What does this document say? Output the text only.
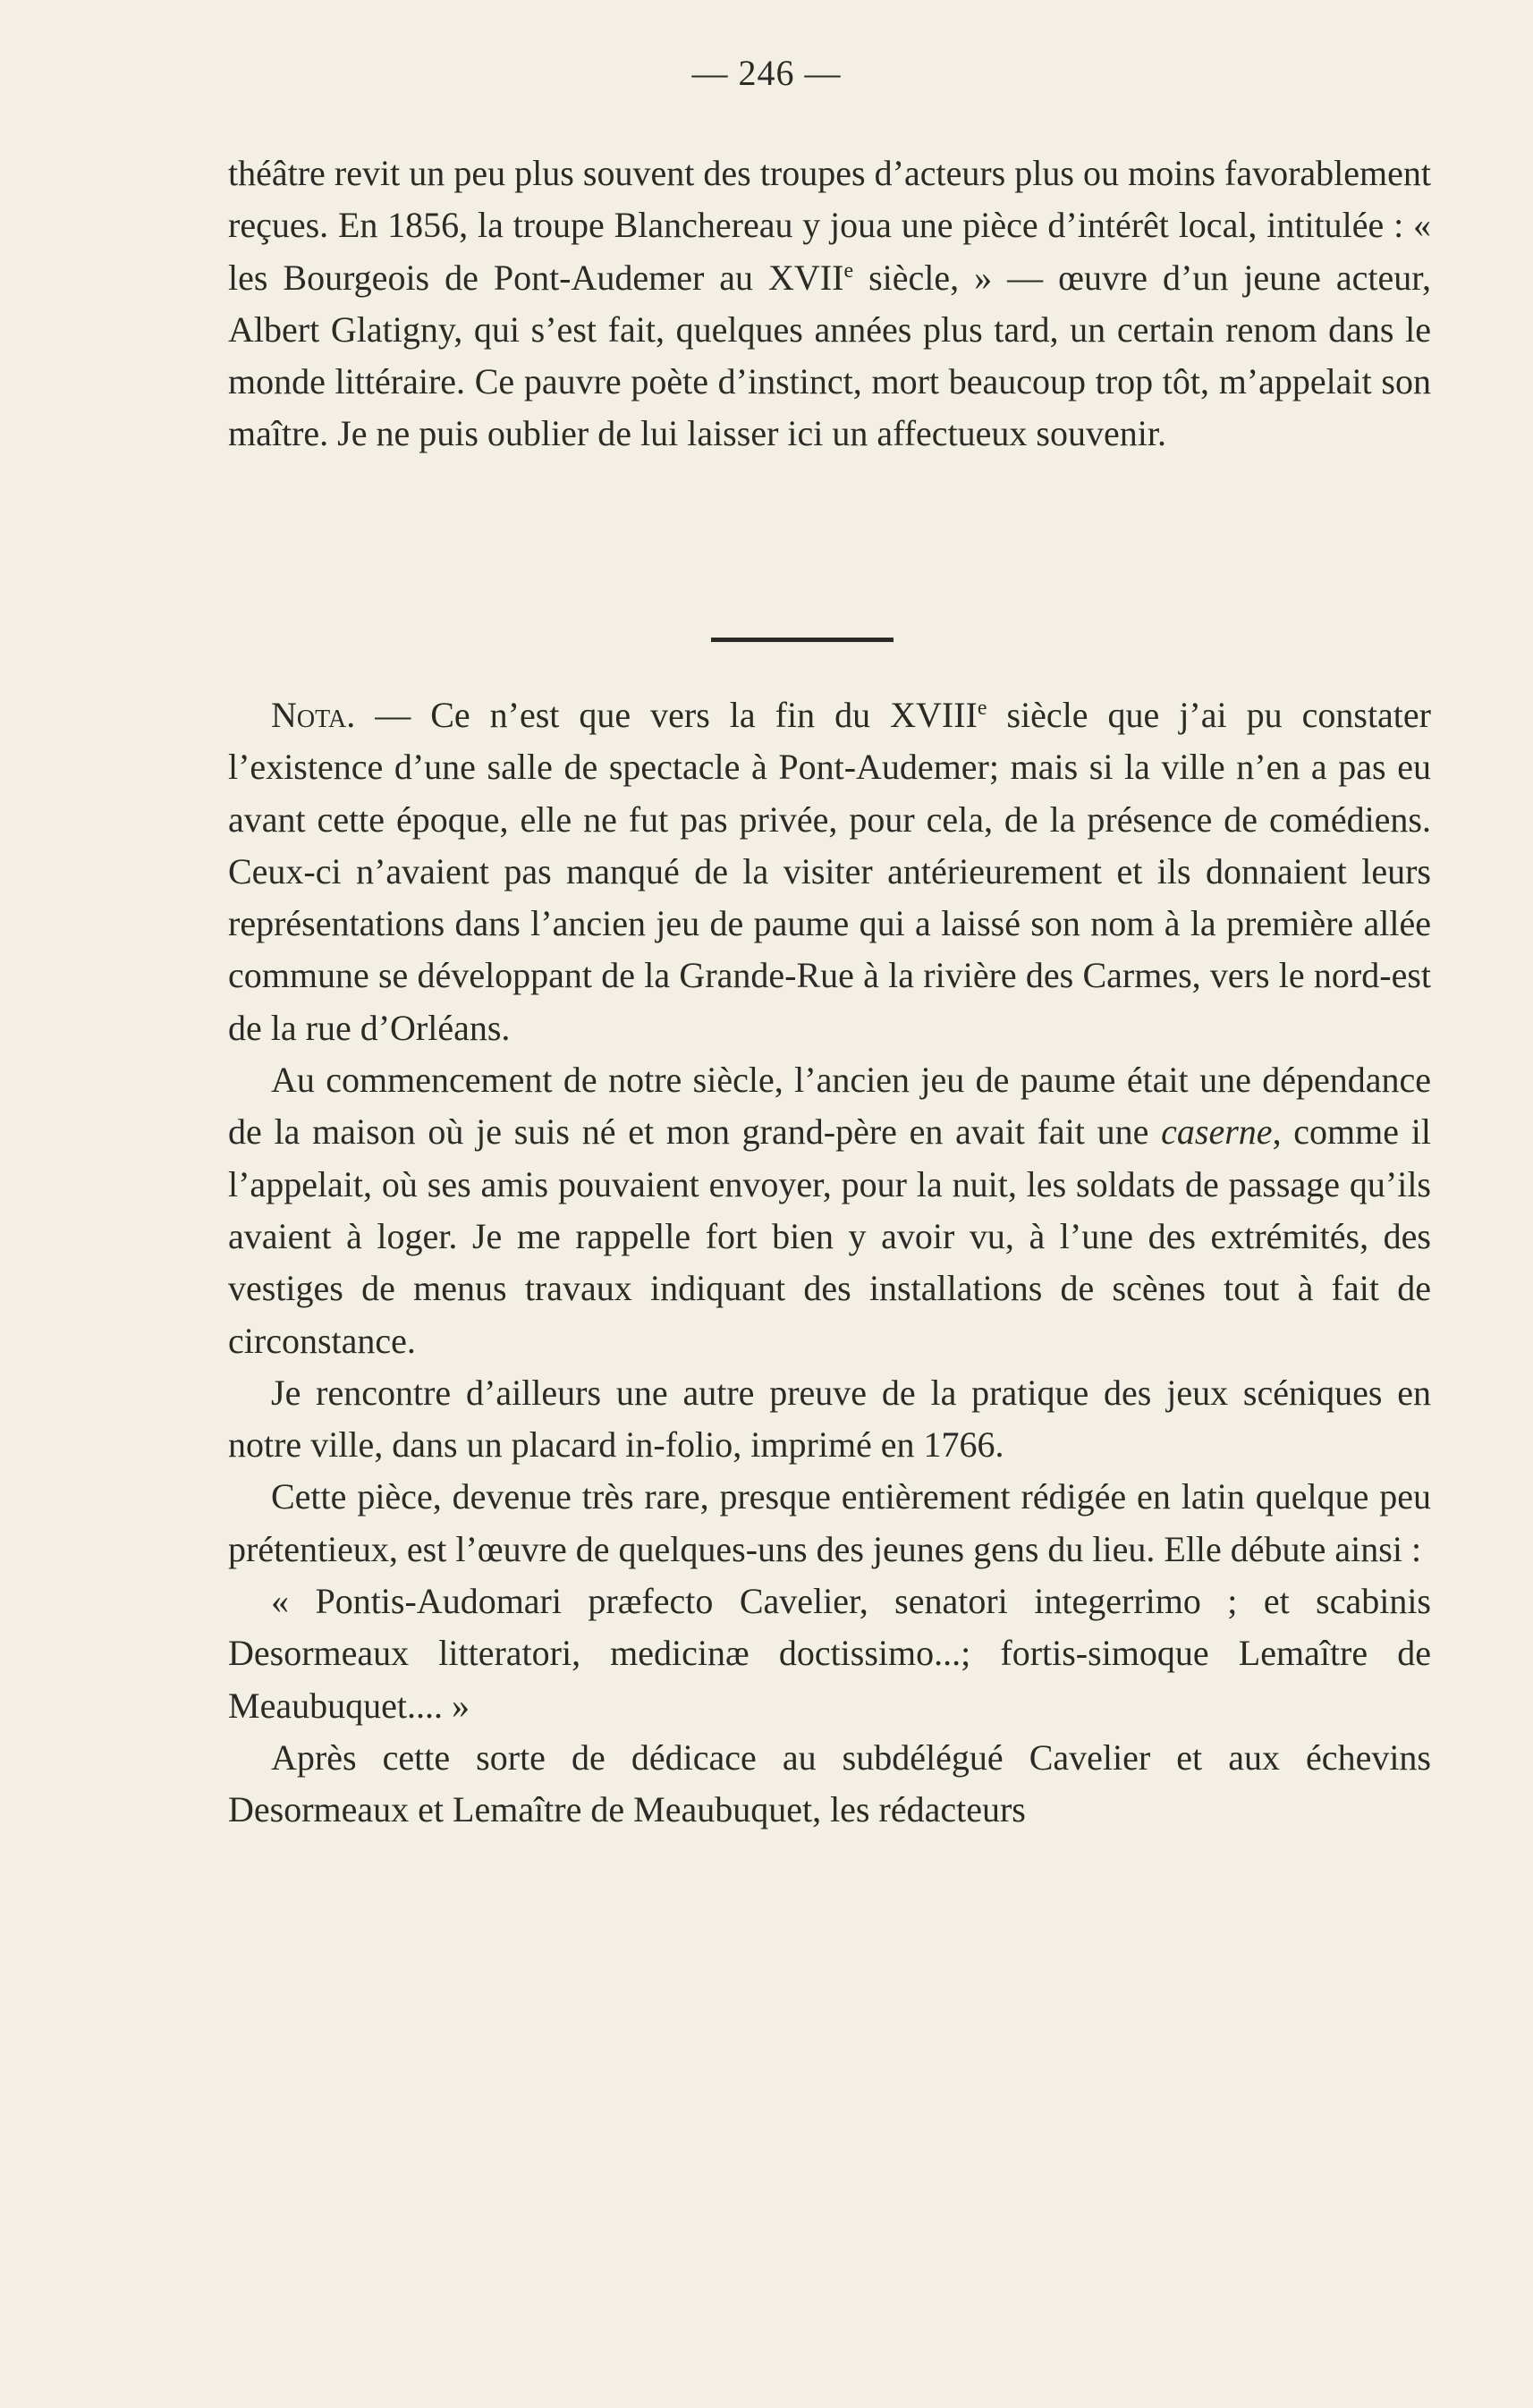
— 246 —

théâtre revit un peu plus souvent des troupes d’acteurs plus ou moins favorablement reçues. En 1856, la troupe Blanchereau y joua une pièce d’intérêt local, intitulée : « les Bourgeois de Pont-Audemer au XVIIe siècle, » — œuvre d’un jeune acteur, Albert Glatigny, qui s’est fait, quelques années plus tard, un certain renom dans le monde littéraire. Ce pauvre poète d’instinct, mort beaucoup trop tôt, m’appelait son maître. Je ne puis oublier de lui laisser ici un affectueux souvenir.

Nota. — Ce n’est que vers la fin du XVIIIe siècle que j’ai pu constater l’existence d’une salle de spectacle à Pont-Audemer; mais si la ville n’en a pas eu avant cette époque, elle ne fut pas privée, pour cela, de la présence de comédiens. Ceux-ci n’avaient pas manqué de la visiter antérieurement et ils donnaient leurs représentations dans l’ancien jeu de paume qui a laissé son nom à la première allée commune se développant de la Grande-Rue à la rivière des Carmes, vers le nord-est de la rue d’Orléans.

Au commencement de notre siècle, l’ancien jeu de paume était une dépendance de la maison où je suis né et mon grand-père en avait fait une caserne, comme il l’appelait, où ses amis pouvaient envoyer, pour la nuit, les soldats de passage qu’ils avaient à loger. Je me rappelle fort bien y avoir vu, à l’une des extrémités, des vestiges de menus travaux indiquant des installations de scènes tout à fait de circonstance.

Je rencontre d’ailleurs une autre preuve de la pratique des jeux scéniques en notre ville, dans un placard in-folio, imprimé en 1766.

Cette pièce, devenue très rare, presque entièrement rédigée en latin quelque peu prétentieux, est l’œuvre de quelques-uns des jeunes gens du lieu. Elle débute ainsi :

« Pontis-Audomari præfecto Cavelier, senatori integerrimo ; et scabinis Desormeaux litteratori, medicinæ doctissimo...; fortis-simoque Lemaître de Meaubuquet.... »

Après cette sorte de dédicace au subdélégué Cavelier et aux échevins Desormeaux et Lemaître de Meaubuquet, les rédacteurs
